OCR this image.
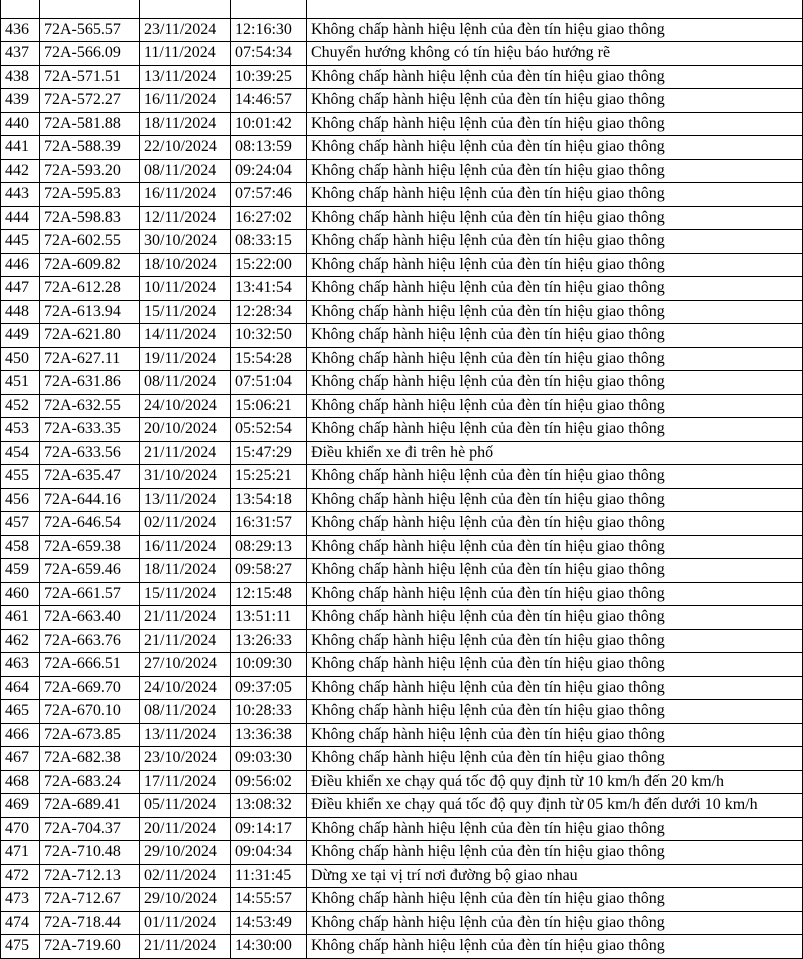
436	72A-565.57	23/11/2024	12:16:30	Không chấp hành hiệu lệnh của đèn tín hiệu giao thông
437	72A-566.09	11/11/2024	07:54:34	Chuyển hướng không có tín hiệu báo hướng rẽ
438	72A-571.51	13/11/2024	10:39:25	Không chấp hành hiệu lệnh của đèn tín hiệu giao thông
439	72A-572.27	16/11/2024	14:46:57	Không chấp hành hiệu lệnh của đèn tín hiệu giao thông
440	72A-581.88	18/11/2024	10:01:42	Không chấp hành hiệu lệnh của đèn tín hiệu giao thông
441	72A-588.39	22/10/2024	08:13:59	Không chấp hành hiệu lệnh của đèn tín hiệu giao thông
442	72A-593.20	08/11/2024	09:24:04	Không chấp hành hiệu lệnh của đèn tín hiệu giao thông
443	72A-595.83	16/11/2024	07:57:46	Không chấp hành hiệu lệnh của đèn tín hiệu giao thông
444	72A-598.83	12/11/2024	16:27:02	Không chấp hành hiệu lệnh của đèn tín hiệu giao thông
445	72A-602.55	30/10/2024	08:33:15	Không chấp hành hiệu lệnh của đèn tín hiệu giao thông
446	72A-609.82	18/10/2024	15:22:00	Không chấp hành hiệu lệnh của đèn tín hiệu giao thông
447	72A-612.28	10/11/2024	13:41:54	Không chấp hành hiệu lệnh của đèn tín hiệu giao thông
448	72A-613.94	15/11/2024	12:28:34	Không chấp hành hiệu lệnh của đèn tín hiệu giao thông
449	72A-621.80	14/11/2024	10:32:50	Không chấp hành hiệu lệnh của đèn tín hiệu giao thông
450	72A-627.11	19/11/2024	15:54:28	Không chấp hành hiệu lệnh của đèn tín hiệu giao thông
451	72A-631.86	08/11/2024	07:51:04	Không chấp hành hiệu lệnh của đèn tín hiệu giao thông
452	72A-632.55	24/10/2024	15:06:21	Không chấp hành hiệu lệnh của đèn tín hiệu giao thông
453	72A-633.35	20/10/2024	05:52:54	Không chấp hành hiệu lệnh của đèn tín hiệu giao thông
454	72A-633.56	21/11/2024	15:47:29	Điều khiển xe đi trên hè phố
455	72A-635.47	31/10/2024	15:25:21	Không chấp hành hiệu lệnh của đèn tín hiệu giao thông
456	72A-644.16	13/11/2024	13:54:18	Không chấp hành hiệu lệnh của đèn tín hiệu giao thông
457	72A-646.54	02/11/2024	16:31:57	Không chấp hành hiệu lệnh của đèn tín hiệu giao thông
458	72A-659.38	16/11/2024	08:29:13	Không chấp hành hiệu lệnh của đèn tín hiệu giao thông
459	72A-659.46	18/11/2024	09:58:27	Không chấp hành hiệu lệnh của đèn tín hiệu giao thông
460	72A-661.57	15/11/2024	12:15:48	Không chấp hành hiệu lệnh của đèn tín hiệu giao thông
461	72A-663.40	21/11/2024	13:51:11	Không chấp hành hiệu lệnh của đèn tín hiệu giao thông
462	72A-663.76	21/11/2024	13:26:33	Không chấp hành hiệu lệnh của đèn tín hiệu giao thông
463	72A-666.51	27/10/2024	10:09:30	Không chấp hành hiệu lệnh của đèn tín hiệu giao thông
464	72A-669.70	24/10/2024	09:37:05	Không chấp hành hiệu lệnh của đèn tín hiệu giao thông
465	72A-670.10	08/11/2024	10:28:33	Không chấp hành hiệu lệnh của đèn tín hiệu giao thông
466	72A-673.85	13/11/2024	13:36:38	Không chấp hành hiệu lệnh của đèn tín hiệu giao thông
467	72A-682.38	23/10/2024	09:03:30	Không chấp hành hiệu lệnh của đèn tín hiệu giao thông
468	72A-683.24	17/11/2024	09:56:02	Điều khiển xe chạy quá tốc độ quy định từ 10 km/h đến 20 km/h
469	72A-689.41	05/11/2024	13:08:32	Điều khiển xe chạy quá tốc độ quy định từ 05 km/h đến dưới 10 km/h
470	72A-704.37	20/11/2024	09:14:17	Không chấp hành hiệu lệnh của đèn tín hiệu giao thông
471	72A-710.48	29/10/2024	09:04:34	Không chấp hành hiệu lệnh của đèn tín hiệu giao thông
472	72A-712.13	02/11/2024	11:31:45	Dừng xe tại vị trí nơi đường bộ giao nhau
473	72A-712.67	29/10/2024	14:55:57	Không chấp hành hiệu lệnh của đèn tín hiệu giao thông
474	72A-718.44	01/11/2024	14:53:49	Không chấp hành hiệu lệnh của đèn tín hiệu giao thông
475	72A-719.60	21/11/2024	14:30:00	Không chấp hành hiệu lệnh của đèn tín hiệu giao thông
